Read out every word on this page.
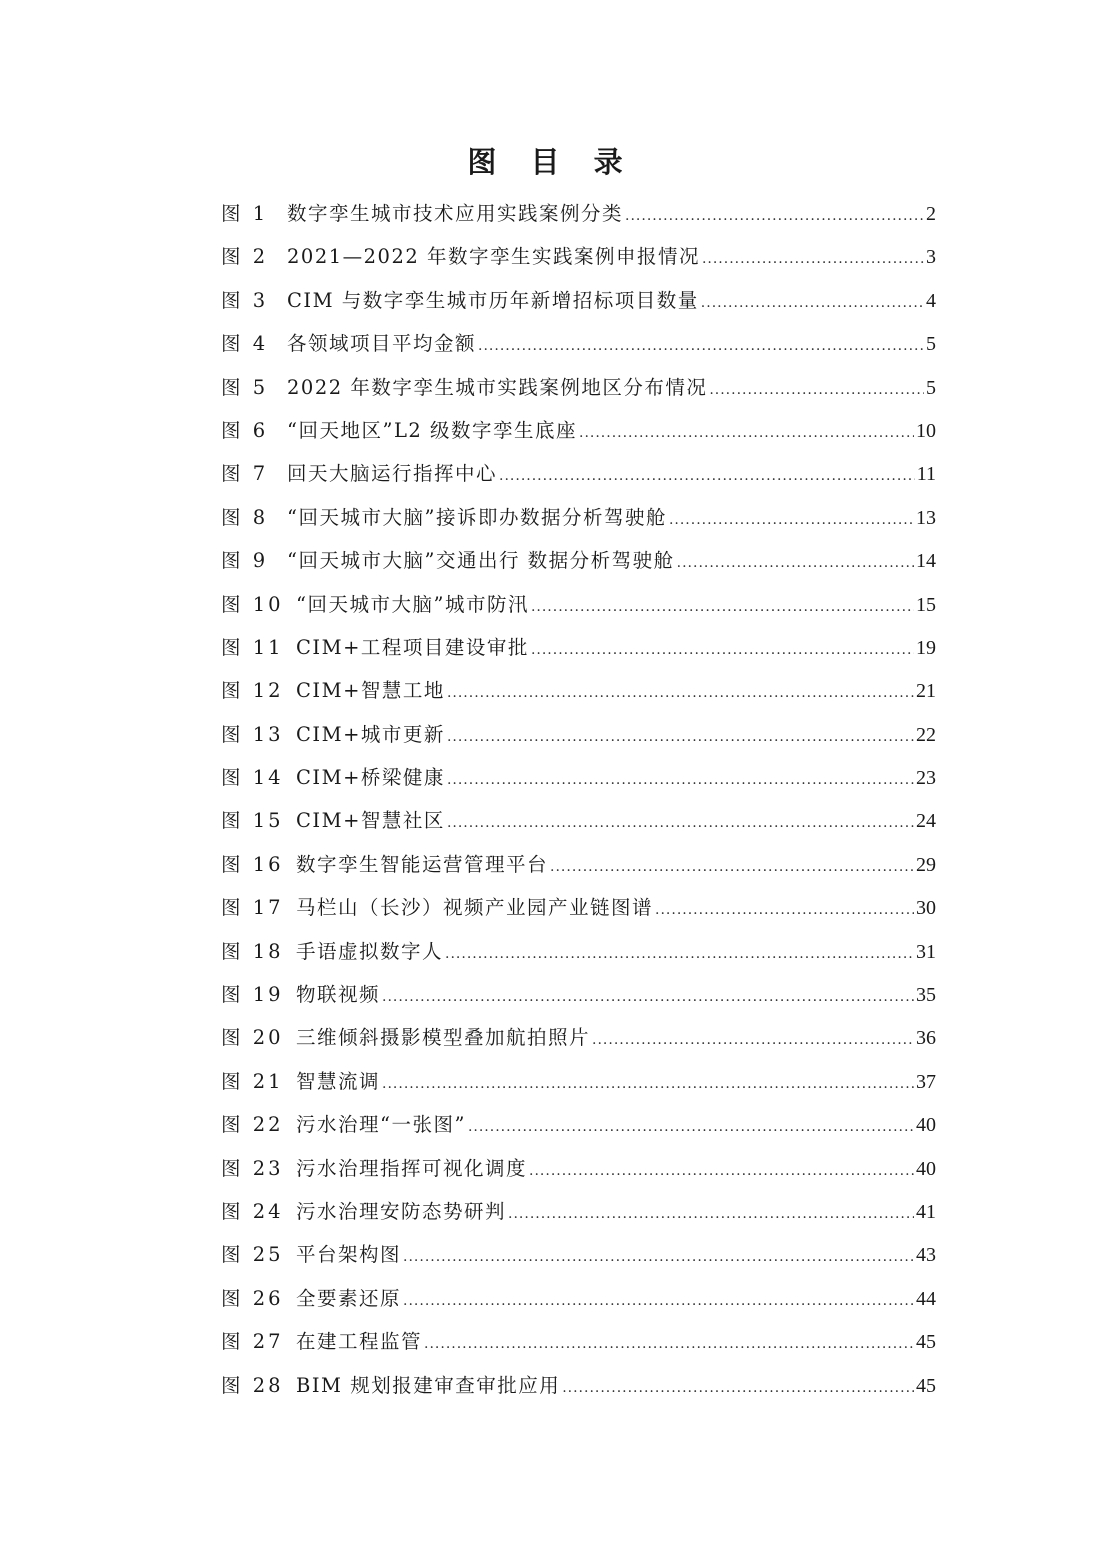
图 目 录
图 1 数字孪生城市技术应用实践案例分类 .....	2
图 2 2021—2022 年数字孪生实践案例申报情况 .....	3
图 3 CIM 与数字孪生城市历年新增招标项目数量 .....	4
图 4 各领域项目平均金额 .....	5
图 5 2022 年数字孪生城市实践案例地区分布情况 .....	5
图 6 “回天地区”L2 级数字孪生底座 .....	10
图 7 回天大脑运行指挥中心 .....	11
图 8 “回天城市大脑”接诉即办数据分析驾驶舱 .....	13
图 9 “回天城市大脑”交通出行 数据分析驾驶舱 .....	14
图 10 “回天城市大脑”城市防汛 .....	15
图 11 CIM+工程项目建设审批 .....	19
图 12 CIM+智慧工地 .....	21
图 13 CIM+城市更新 .....	22
图 14 CIM+桥梁健康 .....	23
图 15 CIM+智慧社区 .....	24
图 16 数字孪生智能运营管理平台 .....	29
图 17 马栏山（长沙）视频产业园产业链图谱 .....	30
图 18 手语虚拟数字人 .....	31
图 19 物联视频 .....	35
图 20 三维倾斜摄影模型叠加航拍照片 .....	36
图 21 智慧流调 .....	37
图 22 污水治理“一张图” .....	40
图 23 污水治理指挥可视化调度 .....	40
图 24 污水治理安防态势研判 .....	41
图 25 平台架构图 .....	43
图 26 全要素还原 .....	44
图 27 在建工程监管 .....	45
图 28 BIM 规划报建审查审批应用 .....	45
